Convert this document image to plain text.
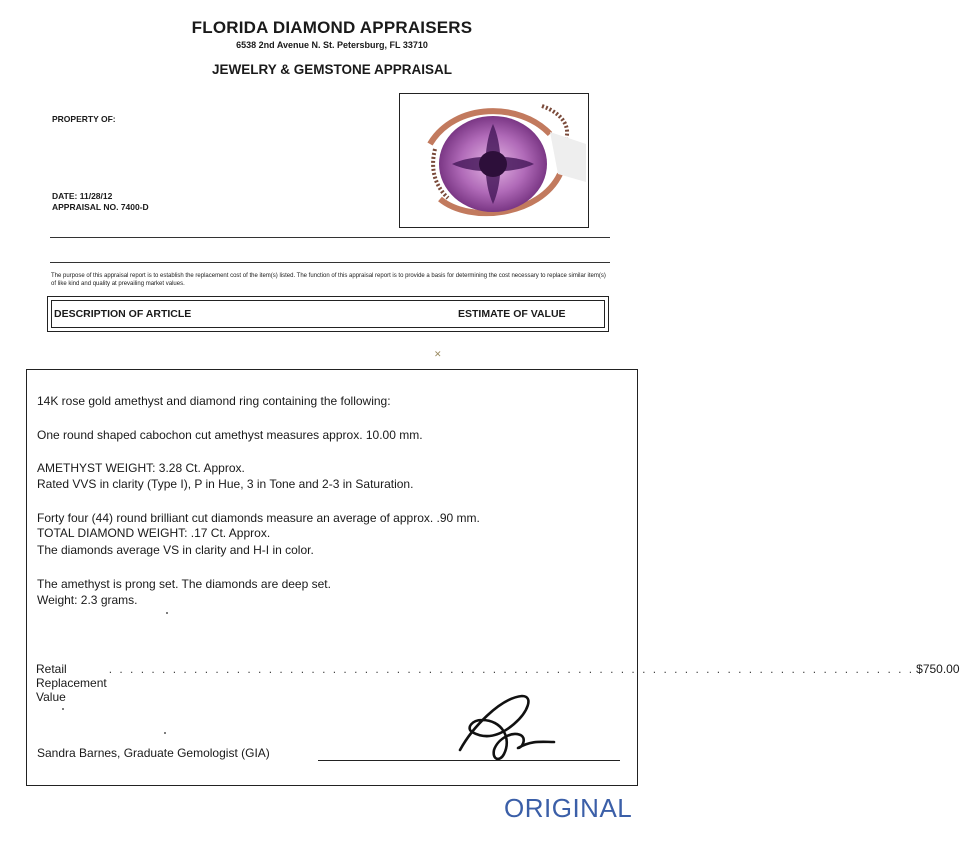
FLORIDA DIAMOND APPRAISERS
6538 2nd Avenue N. St. Petersburg, FL 33710
JEWELRY & GEMSTONE APPRAISAL
PROPERTY OF:
DATE: 11/28/12
APPRAISAL NO. 7400-D
The purpose of this appraisal report is to establish the replacement cost of the item(s) listed. The function of this appraisal report is to provide a basis for determining the cost necessary to replace similar item(s) of like kind and quality at prevailing market values.
DESCRIPTION OF ARTICLE	ESTIMATE OF VALUE
✕
14K rose gold amethyst and diamond ring containing the following:
One round shaped cabochon cut amethyst measures approx. 10.00 mm.
AMETHYST WEIGHT: 3.28 Ct. Approx.
Rated VVS in clarity (Type I), P in Hue, 3 in Tone and 2-3 in Saturation.
Forty four (44) round brilliant cut diamonds measure an average of approx. .90 mm.
TOTAL DIAMOND WEIGHT: .17 Ct. Approx.
The diamonds average VS in clarity and H-I in color.
The amethyst is prong set. The diamonds are deep set.
Weight: 2.3 grams.
Retail Replacement Value
. . . . . . . . . . . . . . . . . . . . . . . . . . . . . . . . . . . . . . . . . . . . . . . . . . . . . . . . . . . . . . . . . . . . . . . . . . . . $750.00
Sandra Barnes, Graduate Gemologist (GIA)
ORIGINAL
